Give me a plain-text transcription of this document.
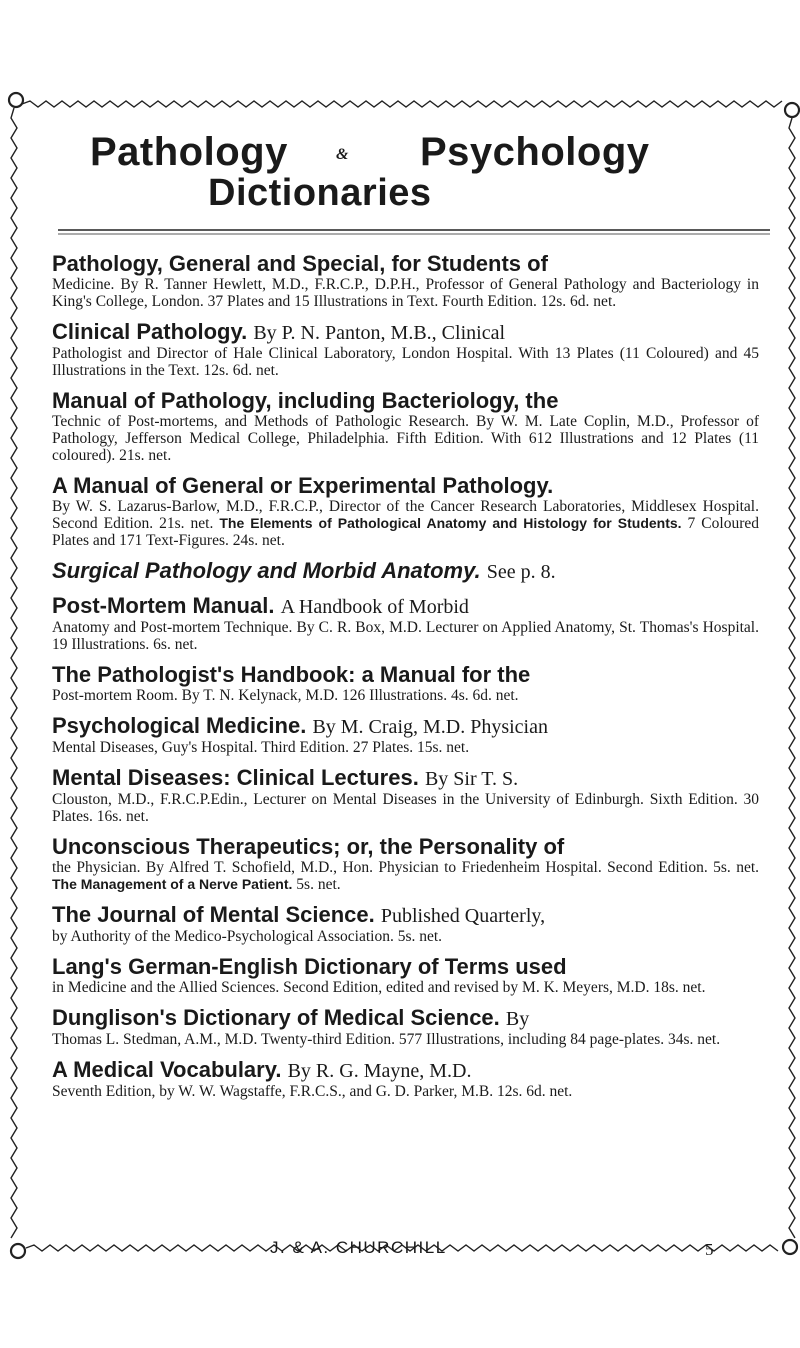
Pathology	& Psychology
Dictionaries
Pathology, General and Special, for Students of
Medicine. By R. Tanner Hewlett, M.D., F.R.C.P., D.P.H., Professor of General Pathology and Bacteriology in King's College, London. 37 Plates and 15 Illustrations in Text. Fourth Edition. 12s. 6d. net.
Clinical Pathology. By P. N. Panton, M.B., Clinical
Pathologist and Director of Hale Clinical Laboratory, London Hospital. With 13 Plates (11 Coloured) and 45 Illustrations in the Text. 12s. 6d. net.
Manual of Pathology, including Bacteriology, the
Technic of Post-mortems, and Methods of Pathologic Research. By W. M. Late Coplin, M.D., Professor of Pathology, Jefferson Medical College, Philadelphia. Fifth Edition. With 612 Illustrations and 12 Plates (11 coloured). 21s. net.
A Manual of General or Experimental Pathology.
By W. S. Lazarus-Barlow, M.D., F.R.C.P., Director of the Cancer Research Laboratories, Middlesex Hospital. Second Edition. 21s. net. The Elements of Pathological Anatomy and Histology for Students. 7 Coloured Plates and 171 Text-Figures. 24s. net.
Surgical Pathology and Morbid Anatomy. See p. 8.
Post-Mortem Manual. A Handbook of Morbid
Anatomy and Post-mortem Technique. By C. R. Box, M.D. Lecturer on Applied Anatomy, St. Thomas's Hospital. 19 Illustrations. 6s. net.
The Pathologist's Handbook: a Manual for the
Post-mortem Room. By T. N. Kelynack, M.D. 126 Illustrations. 4s. 6d. net.
Psychological Medicine. By M. Craig, M.D. Physician
Mental Diseases, Guy's Hospital. Third Edition. 27 Plates. 15s. net.
Mental Diseases: Clinical Lectures. By Sir T. S.
Clouston, M.D., F.R.C.P.Edin., Lecturer on Mental Diseases in the University of Edinburgh. Sixth Edition. 30 Plates. 16s. net.
Unconscious Therapeutics; or, the Personality of
the Physician. By Alfred T. Schofield, M.D., Hon. Physician to Friedenheim Hospital. Second Edition. 5s. net. The Management of a Nerve Patient. 5s. net.
The Journal of Mental Science. Published Quarterly,
by Authority of the Medico-Psychological Association. 5s. net.
Lang's German-English Dictionary of Terms used
in Medicine and the Allied Sciences. Second Edition, edited and revised by M. K. Meyers, M.D. 18s. net.
Dunglison's Dictionary of Medical Science. By
Thomas L. Stedman, A.M., M.D. Twenty-third Edition. 577 Illustrations, including 84 page-plates. 34s. net.
A Medical Vocabulary. By R. G. Mayne, M.D.
Seventh Edition, by W. W. Wagstaffe, F.R.C.S., and G. D. Parker, M.B. 12s. 6d. net.
J. & A. CHURCHILL	5
